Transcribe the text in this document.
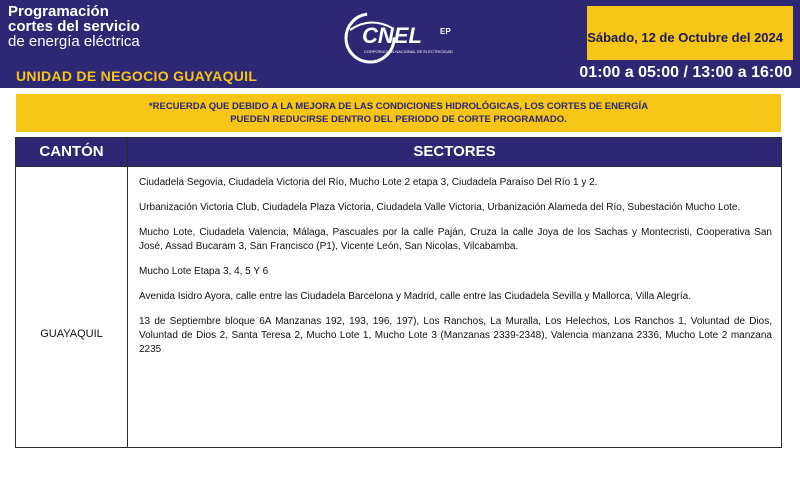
Programación
cortes del servicio
de energía eléctrica
UNIDAD DE NEGOCIO GUAYAQUIL
CNEL EP
CORPORACIÓN NACIONAL DE ELECTRICIDAD
Sábado, 12 de Octubre del 2024
01:00 a 05:00 / 13:00 a 16:00
*RECUERDA QUE DEBIDO A LA MEJORA DE LAS CONDICIONES HIDROLÓGICAS, LOS CORTES DE ENERGÍA
PUEDEN REDUCIRSE DENTRO DEL PERIODO DE CORTE PROGRAMADO.
CANTÓN	SECTORES
GUAYAQUIL

Ciudadela Segovia, Ciudadela Victoria del Río, Mucho Lote 2 etapa 3, Ciudadela Paraíso Del Río 1 y 2.

Urbanización Victoria Club, Ciudadela Plaza Victoria, Ciudadela Valle Victoria, Urbanización Alameda del Río, Subestación Mucho Lote.

Mucho Lote, Ciudadela Valencia, Málaga, Pascuales por la calle Paján, Cruza la calle Joya de los Sachas y Montecristi, Cooperativa San José, Assad Bucaram 3, San Francisco (P1), Vicente León, San Nicolas, Vilcabamba.

Mucho Lote Etapa 3, 4, 5 Y 6

Avenida Isidro Ayora, calle entre las Ciudadela Barcelona y Madrid, calle entre las Ciudadela Sevilla y Mallorca, Villa Alegría.

13 de Septiembre bloque 6A Manzanas 192, 193, 196, 197), Los Ranchos, La Muralla, Los Helechos, Los Ranchos 1, Voluntad de Dios, Voluntad de Dios 2, Santa Teresa 2, Mucho Lote 1, Mucho Lote 3 (Manzanas 2339-2348), Valencia manzana 2336, Mucho Lote 2 manzana 2235
